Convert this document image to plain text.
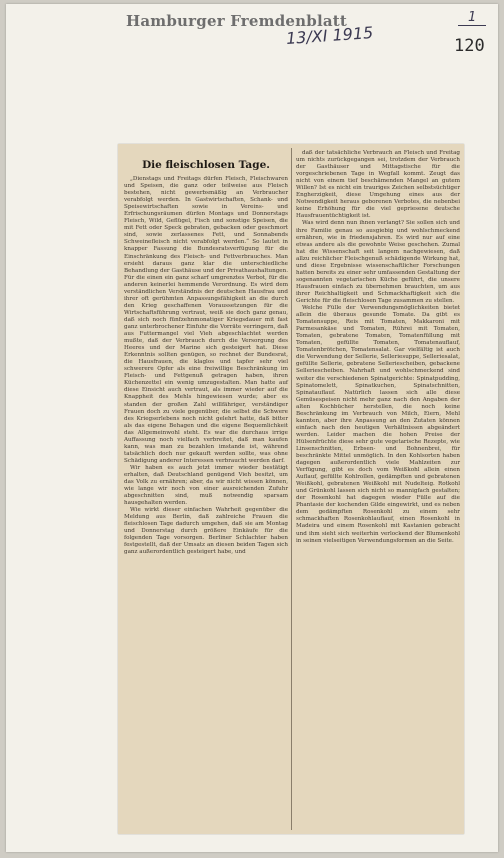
Hamburger Fremdenblatt
13/XI 1915
1
120
Die fleischlosen Tage.

„Dienstags und Freitags dürfen Fleisch, Fleischwaren und Speisen, die ganz oder teilweise aus Fleisch bestehen, nicht gewerbsmäßig an Verbraucher verabfolgt werden. In Gastwirtschaften, Schank- und Speisewirtschaften sowie in Vereins- und Erfrischungsräumen dürfen Montags und Donnerstags Fleisch, Wild, Geflügel, Fisch und sonstige Speisen, die mit Fett oder Speck gebraten, gebacken oder geschmort sind, sowie zerlassenes Fett, und Sonnabends Schweinefleisch nicht verabfolgt werden.“ So lautet in knapper Fassung die Bundesratsverfügung für die Einschränkung des Fleisch- und Fettverbrauches. Man ersieht daraus ganz klar die unterschiedliche Behandlung der Gasthäuse und der Privathaushaltungen. Für die einen ein ganz scharf umgrenztes Verbot, für die anderen keinerlei hemmende Verordnung. Es wird dem verständlichen Verständnis der deutschen Hausfrau und ihrer oft gerühmten Anpassungsfähigkeit an die durch den Krieg geschaffenen Voraussetzungen für die Wirtschaftsführung vertraut, weiß sie doch ganz genau, daß sich noch fünfzehnmonatiger Kriegsdauer mit fast ganz unterbrochener Einfuhr die Vorräte verringern, daß aus Futtermangel viel Vieh abgeschlachtet werden mußte, daß der Verbrauch durch die Versorgung des Heeres und der Marine sich gesteigert hat. Diese Erkenntnis sollten genügen, so rechnet der Bundesrat, die Hausfrauen, die klaglos und tapfer sehr viel schwerere Opfer als eine freiwillige Beschränkung im Fleisch- und Fettgenuß getragen haben, ihren Küchenzettel ein wenig umzugestalten. Man hatte auf diese Einsicht auch vertraut, als immer wieder auf die Knappheit des Mehls hingewiesen wurde; aber es standen der großen Zahl willfähriger, verständiger Frauen doch zu viele gegenüber, die selbst die Schwere des Kriegserlebens noch nicht gelehrt hatte, daß bitter als das eigene Behagen und die eigene Bequemlichkeit das Allgemeinwohl steht. Es war die durchaus irrige Auffassung noch vielfach verbreitet, daß man kaufen kann, was man zu bezahlen imstande ist, während tatsächlich doch nur gekauft werden sollte, was ohne Schädigung anderer Interessen verbraucht werden darf.

Wir haben es auch jetzt immer wieder bestätigt erhalten, daß Deutschland genügend Vieh besitzt, um das Volk zu ernähren; aber, da wir nicht wissen können, wie lange wir noch von einer ausreichenden Zufuhr abgeschnitten sind, muß notwendig sparsam hausgehalten werden.

Wie wirkt dieser einfachen Wahrheit gegenüber die Meldung aus Berlin, daß zahlreiche Frauen die fleischlosen Tage dadurch umgehen, daß sie am Montag und Donnerstag durch größere Einkäufe für die folgenden Tage vorsorgen. Berliner Schlachter haben festgestellt, daß der Umsatz an diesen beiden Tagen sich ganz außerordentlich gesteigert habe, und

daß der tatsächliche Verbrauch an Fleisch und Freitag um nichts zurückgegangen sei, trotzdem der Verbrauch der Gasthäuser und Mittagstische für die vorgeschriebenen Tage in Wegfall kommt. Zeugt das nicht von einem tief beschämenden Mangel an gutem Willen? Ist es nicht ein trauriges Zeichen selbstsüchtiger Engherzigkeit, diese Umgehung eines aus der Notwendigkeit heraus geborenen Verbotes, die nebenbei keine Erhöhung für die viel gepriesene deutsche Hausfrauentüchtigkeit ist.

Was wird denn nun ihnen verlangt? Sie sollen sich und ihre Familie genau so ausgiebig und wohlschmeckend ernähren, wie in friedensjahren. Es wird nur auf eine etwas andere als die gewohnte Weise geschehen. Zumal hat die Wissenschaft seit langem nachgewiesen, daß allzu reichlicher Fleischgenuß schädigende Wirkung hat, und diese Ergebnisse wissenschaftlicher Forschungen hatten bereits zu einer sehr umfassenden Gestaltung der sogenannten vegetarischen Küche geführt, die unsere Hausfrauen einfach zu übernehmen brauchten, um aus ihrer Reichhaltigkeit und Schmackhaftigkeit sich die Gerichte für die fleischlosen Tage zusammen zu stellen.

Welche Fülle der Verwendungsmöglichkeiten bietet allein die überaus gesunde Tomate. Da gibt es Tomatensuppe, Reis mit Tomaten, Makkaroni mit Parmesankäse und Tomaten, Rührei mit Tomaten, Tomaten, gebratene Tomaten, Tomatenfüllung mit Tomaten, gefüllte Tomaten, Tomatenauflauf, Tomatenbrötchen, Tomatensalat. Gar vielfältig ist auch die Verwendung der Sellerie, Selleriesuppe, Selleriesalat, gefüllte Sellerie, gebratene Selleriescheiben, gebackene Selleriescheiben. Nahrhaft und wohlschmeckend sind weiter die verschiedenen Spinatgerichte: Spinatpudding, Spinatomelett, Spinatkuchen, Spinatschnitten, Spinatauflauf. Natürlich lassen sich alle diese Gemüsespeisen nicht mehr ganz nach den Angaben der alten Kochbücher herstellen, die noch keine Beschränkung im Verbrauch von Milch, Eiern, Mehl kannten, aber ihre Anpassung an den Zutaten können einfach nach den heutigen Verhältnissen abgeändert werden. Leider machen die hohen Preise der Hülsenfrüchte diese sehr gute vegetarische Rezepte, wie Linsenschnitten, Erbsen- und Bohnenbrei, für beschränkte Mittel unmöglich. In den Kohlsorten haben dagegen außerordentlich viele Mahlzeiten zur Verfügung, gibt es doch vom Weißkohl allein einen Auflauf, gefüllte Kohlrollen, gedämpften und gebratenen Weißkohl, gebratenen Weißkohl mit Nudelteig. Rotkohl und Grünkohl lassen sich nicht so mannigfach gestalten; der Rosenkohl hat dagegen wieder Fülle auf die Phantasie der kochenden Gilde eingewirkt, und es neben dem gedämpften Rosenkohl zu einem sehr schmackhaften Rosenkohlauflauf, einen Rosenkohl in Madeira und einem Rosenkohl mit Kastanien gebracht und ihm sieht sich weiterhin verlockend der Blumenkohl in seinen vielseitigen Verwendungsformen an die Seite.
